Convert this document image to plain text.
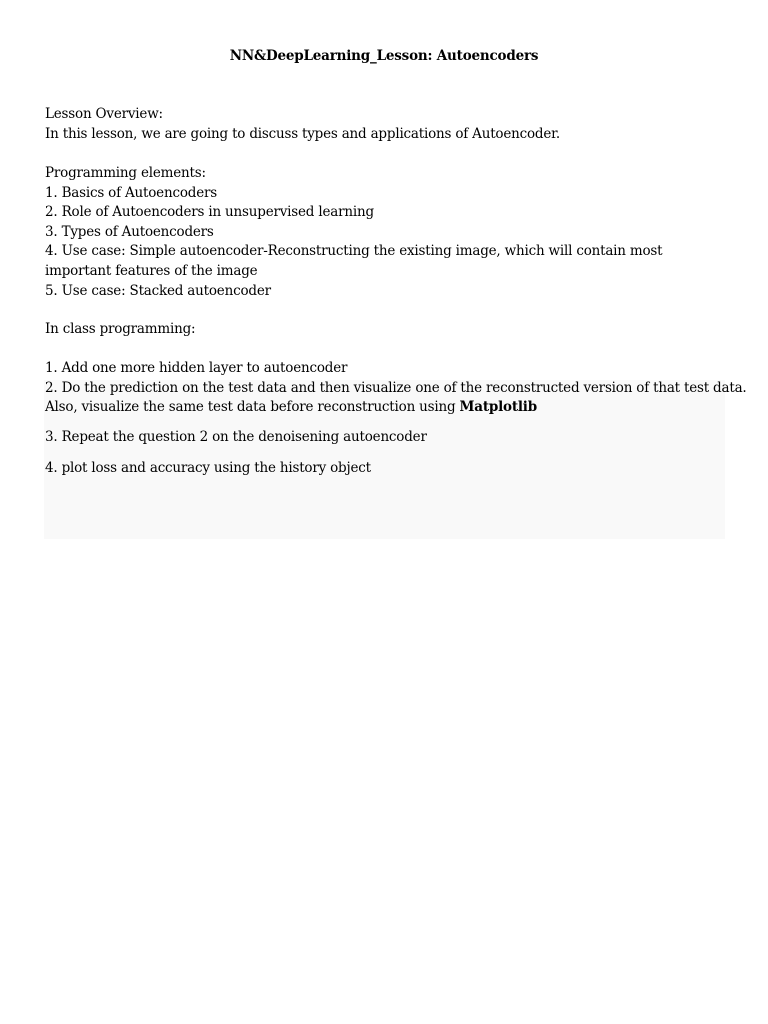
NN&DeepLearning_Lesson: Autoencoders
Lesson Overview:
In this lesson, we are going to discuss types and applications of Autoencoder.
Programming elements:
1. Basics of Autoencoders
2. Role of Autoencoders in unsupervised learning
3. Types of Autoencoders
4. Use case: Simple autoencoder-Reconstructing the existing image, which will contain most important features of the image
5. Use case: Stacked autoencoder
In class programming:
1. Add one more hidden layer to autoencoder
2. Do the prediction on the test data and then visualize one of the reconstructed version of that test data.
Also, visualize the same test data before reconstruction using Matplotlib
3. Repeat the question 2 on the denoisening autoencoder
4. plot loss and accuracy using the history object
